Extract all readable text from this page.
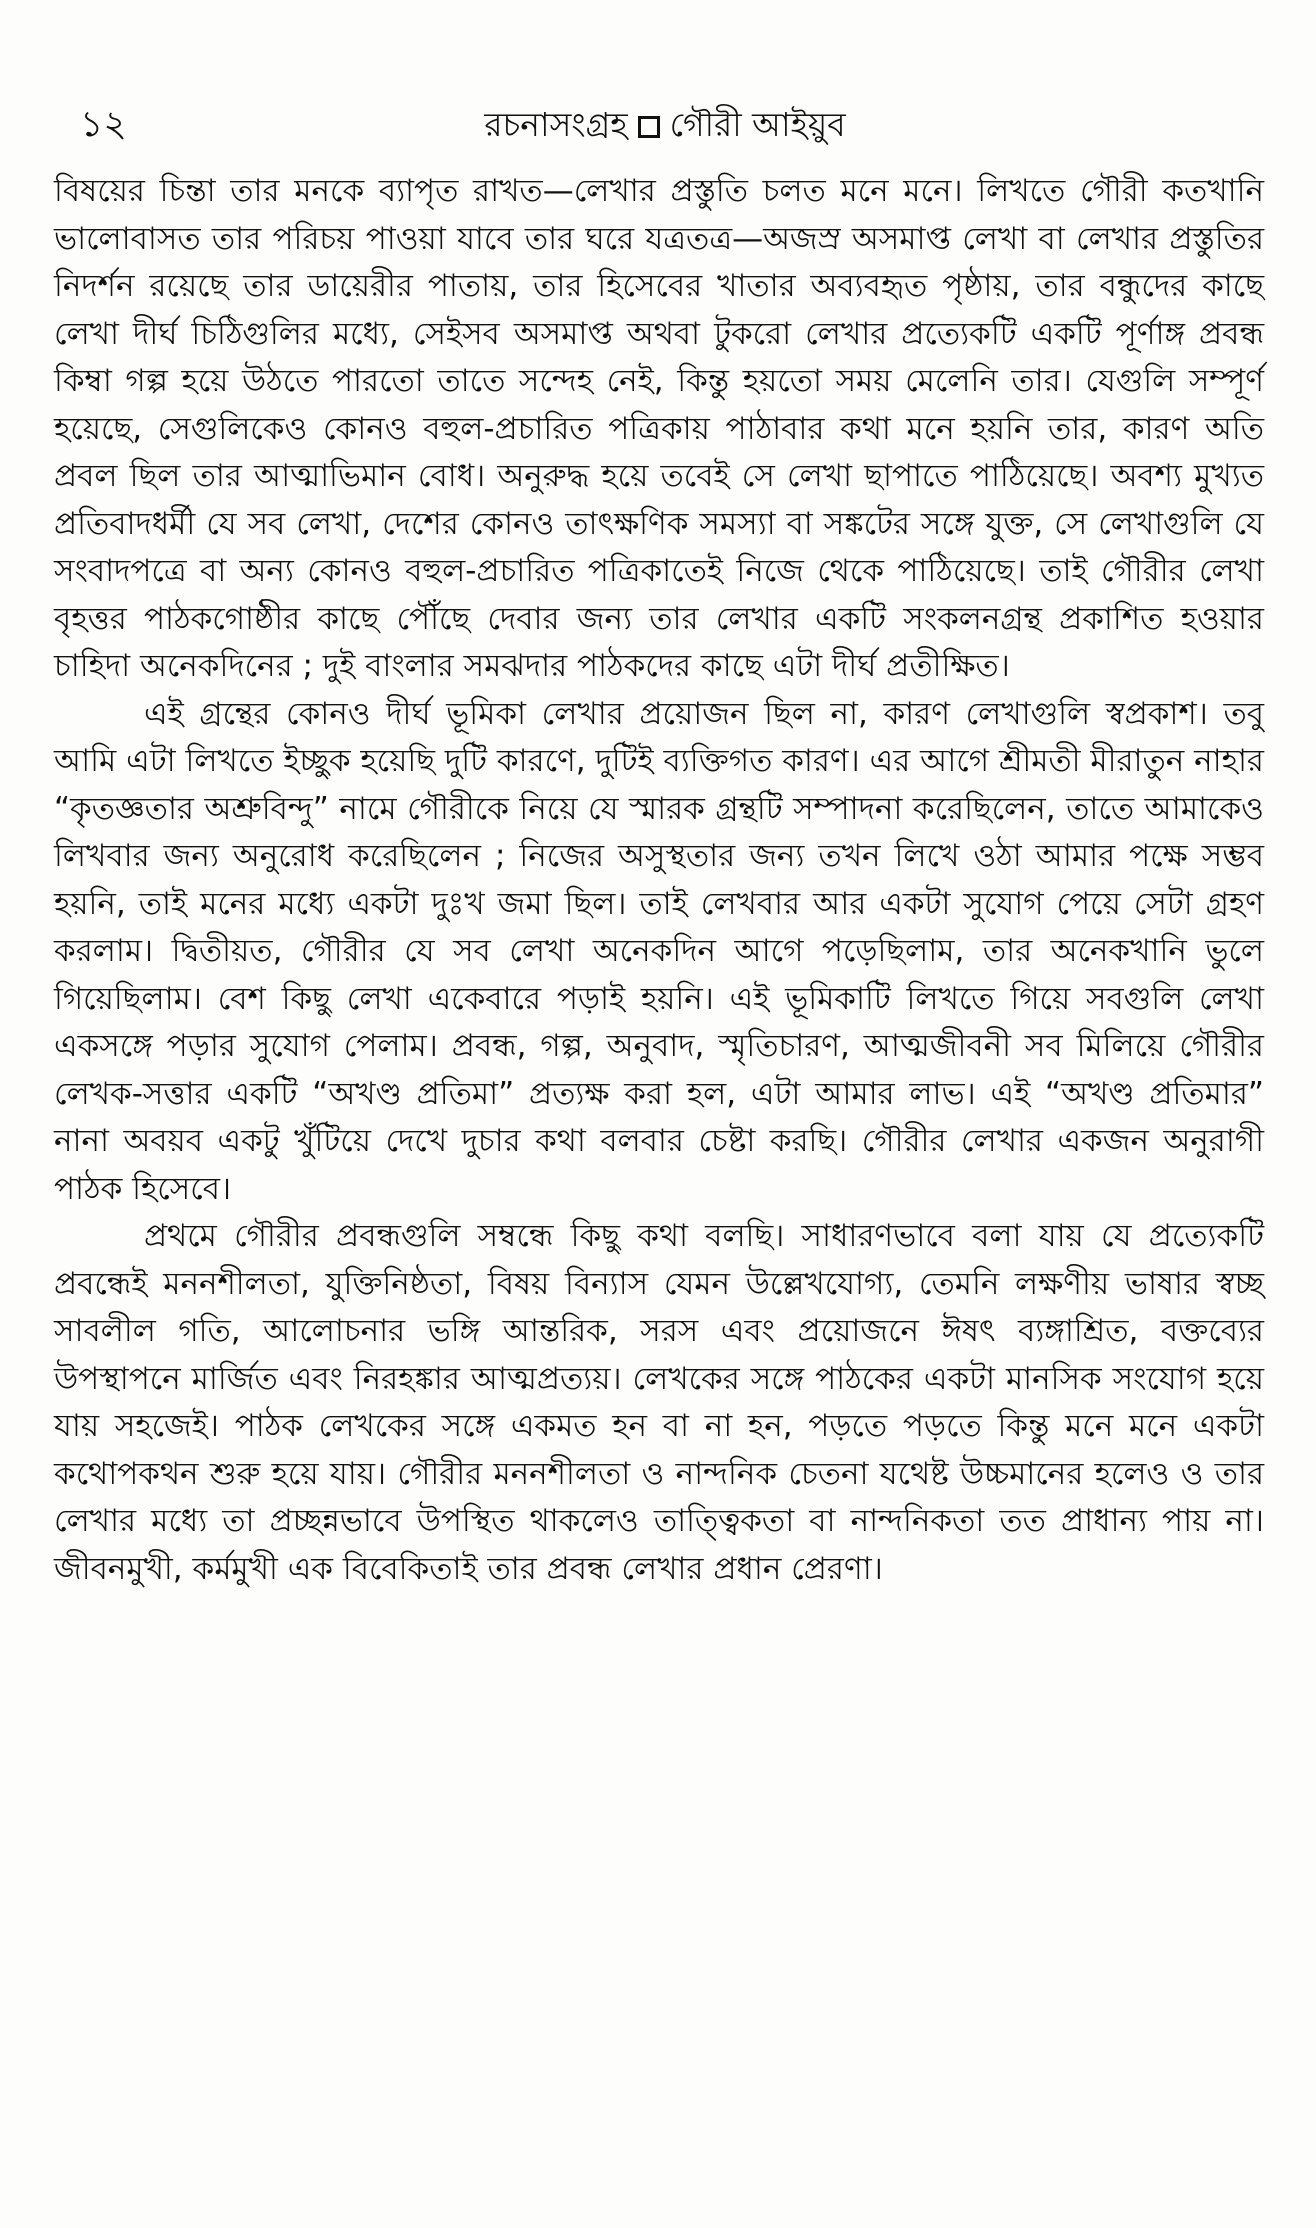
১২	রচনাসংগ্রহ গৌরী আইয়ুব

বিষয়ের চিন্তা তার মনকে ব্যাপৃত রাখত—লেখার প্রস্তুতি চলত মনে মনে। লিখতে গৌরী কতখানি ভালোবাসত তার পরিচয় পাওয়া যাবে তার ঘরে যত্রতত্র—অজস্র অসমাপ্ত লেখা বা লেখার প্রস্তুতির নিদর্শন রয়েছে তার ডায়েরীর পাতায়, তার হিসেবের খাতার অব্যবহৃত পৃষ্ঠায়, তার বন্ধুদের কাছে লেখা দীর্ঘ চিঠিগুলির মধ্যে, সেইসব অসমাপ্ত অথবা টুকরো লেখার প্রত্যেকটি একটি পূর্ণাঙ্গ প্রবন্ধ কিম্বা গল্প হয়ে উঠতে পারতো তাতে সন্দেহ নেই, কিন্তু হয়তো সময় মেলেনি তার। যেগুলি সম্পূর্ণ হয়েছে, সেগুলিকেও কোনও বহুল-প্রচারিত পত্রিকায় পাঠাবার কথা মনে হয়নি তার, কারণ অতি প্রবল ছিল তার আত্মাভিমান বোধ। অনুরুদ্ধ হয়ে তবেই সে লেখা ছাপাতে পাঠিয়েছে। অবশ্য মুখ্যত প্রতিবাদধর্মী যে সব লেখা, দেশের কোনও তাৎক্ষণিক সমস্যা বা সঙ্কটের সঙ্গে যুক্ত, সে লেখাগুলি যে সংবাদপত্রে বা অন্য কোনও বহুল-প্রচারিত পত্রিকাতেই নিজে থেকে পাঠিয়েছে। তাই গৌরীর লেখা বৃহত্তর পাঠকগোষ্ঠীর কাছে পৌঁছে দেবার জন্য তার লেখার একটি সংকলনগ্রন্থ প্রকাশিত হওয়ার চাহিদা অনেকদিনের ; দুই বাংলার সমঝদার পাঠকদের কাছে এটা দীর্ঘ প্রতীক্ষিত।

এই গ্রন্থের কোনও দীর্ঘ ভূমিকা লেখার প্রয়োজন ছিল না, কারণ লেখাগুলি স্বপ্রকাশ। তবু আমি এটা লিখতে ইচ্ছুক হয়েছি দুটি কারণে, দুটিই ব্যক্তিগত কারণ। এর আগে শ্রীমতী মীরাতুন নাহার “কৃতজ্ঞতার অশ্রুবিন্দু” নামে গৌরীকে নিয়ে যে স্মারক গ্রন্থটি সম্পাদনা করেছিলেন, তাতে আমাকেও লিখবার জন্য অনুরোধ করেছিলেন ; নিজের অসুস্থতার জন্য তখন লিখে ওঠা আমার পক্ষে সম্ভব হয়নি, তাই মনের মধ্যে একটা দুঃখ জমা ছিল। তাই লেখবার আর একটা সুযোগ পেয়ে সেটা গ্রহণ করলাম। দ্বিতীয়ত, গৌরীর যে সব লেখা অনেকদিন আগে পড়েছিলাম, তার অনেকখানি ভুলে গিয়েছিলাম। বেশ কিছু লেখা একেবারে পড়াই হয়নি। এই ভূমিকাটি লিখতে গিয়ে সবগুলি লেখা একসঙ্গে পড়ার সুযোগ পেলাম। প্রবন্ধ, গল্প, অনুবাদ, স্মৃতিচারণ, আত্মজীবনী সব মিলিয়ে গৌরীর লেখক-সত্তার একটি “অখণ্ড প্রতিমা” প্রত্যক্ষ করা হল, এটা আমার লাভ। এই “অখণ্ড প্রতিমার” নানা অবয়ব একটু খুঁটিয়ে দেখে দুচার কথা বলবার চেষ্টা করছি। গৌরীর লেখার একজন অনুরাগী পাঠক হিসেবে।

প্রথমে গৌরীর প্রবন্ধগুলি সম্বন্ধে কিছু কথা বলছি। সাধারণভাবে বলা যায় যে প্রত্যেকটি প্রবন্ধেই মননশীলতা, যুক্তিনিষ্ঠতা, বিষয় বিন্যাস যেমন উল্লেখযোগ্য, তেমনি লক্ষণীয় ভাষার স্বচ্ছ সাবলীল গতি, আলোচনার ভঙ্গি আন্তরিক, সরস এবং প্রয়োজনে ঈষৎ ব্যঙ্গাশ্রিত, বক্তব্যের উপস্থাপনে মার্জিত এবং নিরহঙ্কার আত্মপ্রত্যয়। লেখকের সঙ্গে পাঠকের একটা মানসিক সংযোগ হয়ে যায় সহজেই। পাঠক লেখকের সঙ্গে একমত হন বা না হন, পড়তে পড়তে কিন্তু মনে মনে একটা কথোপকথন শুরু হয়ে যায়। গৌরীর মননশীলতা ও নান্দনিক চেতনা যথেষ্ট উচ্চমানের হলেও ও তার লেখার মধ্যে তা প্রচ্ছন্নভাবে উপস্থিত থাকলেও তাত্ত্বিকতা বা নান্দনিকতা তত প্রাধান্য পায় না। জীবনমুখী, কর্মমুখী এক বিবেকিতাই তার প্রবন্ধ লেখার প্রধান প্রেরণা।
